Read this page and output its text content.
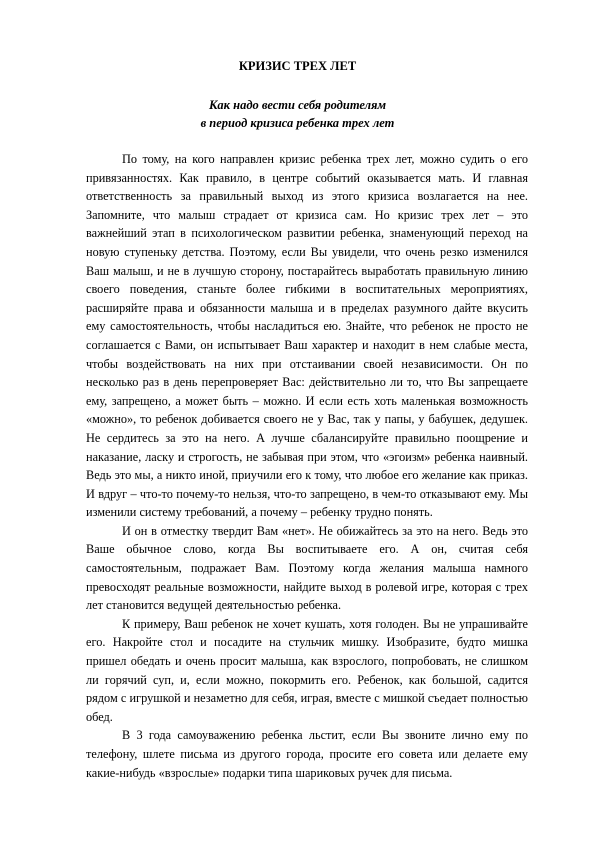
КРИЗИС ТРЕХ ЛЕТ
Как надо вести себя родителям
в период кризиса ребенка трех лет

По тому, на кого направлен кризис ребенка трех лет, можно судить о его привязанностях. Как правило, в центре событий оказывается мать. И главная ответственность за правильный выход из этого кризиса возлагается на нее. Запомните, что малыш страдает от кризиса сам. Но кризис трех лет – это важнейший этап в психологическом развитии ребенка, знаменующий переход на новую ступеньку детства. Поэтому, если Вы увидели, что очень резко изменился Ваш малыш, и не в лучшую сторону, постарайтесь выработать правильную линию своего поведения, станьте более гибкими в воспитательных мероприятиях, расширяйте права и обязанности малыша и в пределах разумного дайте вкусить ему самостоятельность, чтобы насладиться ею. Знайте, что ребенок не просто не соглашается с Вами, он испытывает Ваш характер и находит в нем слабые места, чтобы воздействовать на них при отстаивании своей независимости. Он по несколько раз в день перепроверяет Вас: действительно ли то, что Вы запрещаете ему, запрещено, а может быть – можно. И если есть хоть маленькая возможность «можно», то ребенок добивается своего не у Вас, так у папы, у бабушек, дедушек. Не сердитесь за это на него. А лучше сбалансируйте правильно поощрение и наказание, ласку и строгость, не забывая при этом, что «эгоизм» ребенка наивный. Ведь это мы, а никто иной, приучили его к тому, что любое его желание как приказ. И вдруг – что-то почему-то нельзя, что-то запрещено, в чем-то отказывают ему. Мы изменили систему требований, а почему – ребенку трудно понять.

И он в отместку твердит Вам «нет». Не обижайтесь за это на него. Ведь это Ваше обычное слово, когда Вы воспитываете его. А он, считая себя самостоятельным, подражает Вам. Поэтому когда желания малыша намного превосходят реальные возможности, найдите выход в ролевой игре, которая с трех лет становится ведущей деятельностью ребенка.

К примеру, Ваш ребенок не хочет кушать, хотя голоден. Вы не упрашивайте его. Накройте стол и посадите на стульчик мишку. Изобразите, будто мишка пришел обедать и очень просит малыша, как взрослого, попробовать, не слишком ли горячий суп, и, если можно, покормить его. Ребенок, как большой, садится рядом с игрушкой и незаметно для себя, играя, вместе с мишкой съедает полностью обед.

В 3 года самоуважению ребенка льстит, если Вы звоните лично ему по телефону, шлете письма из другого города, просите его совета или делаете ему какие-нибудь «взрослые» подарки типа шариковых ручек для письма.
